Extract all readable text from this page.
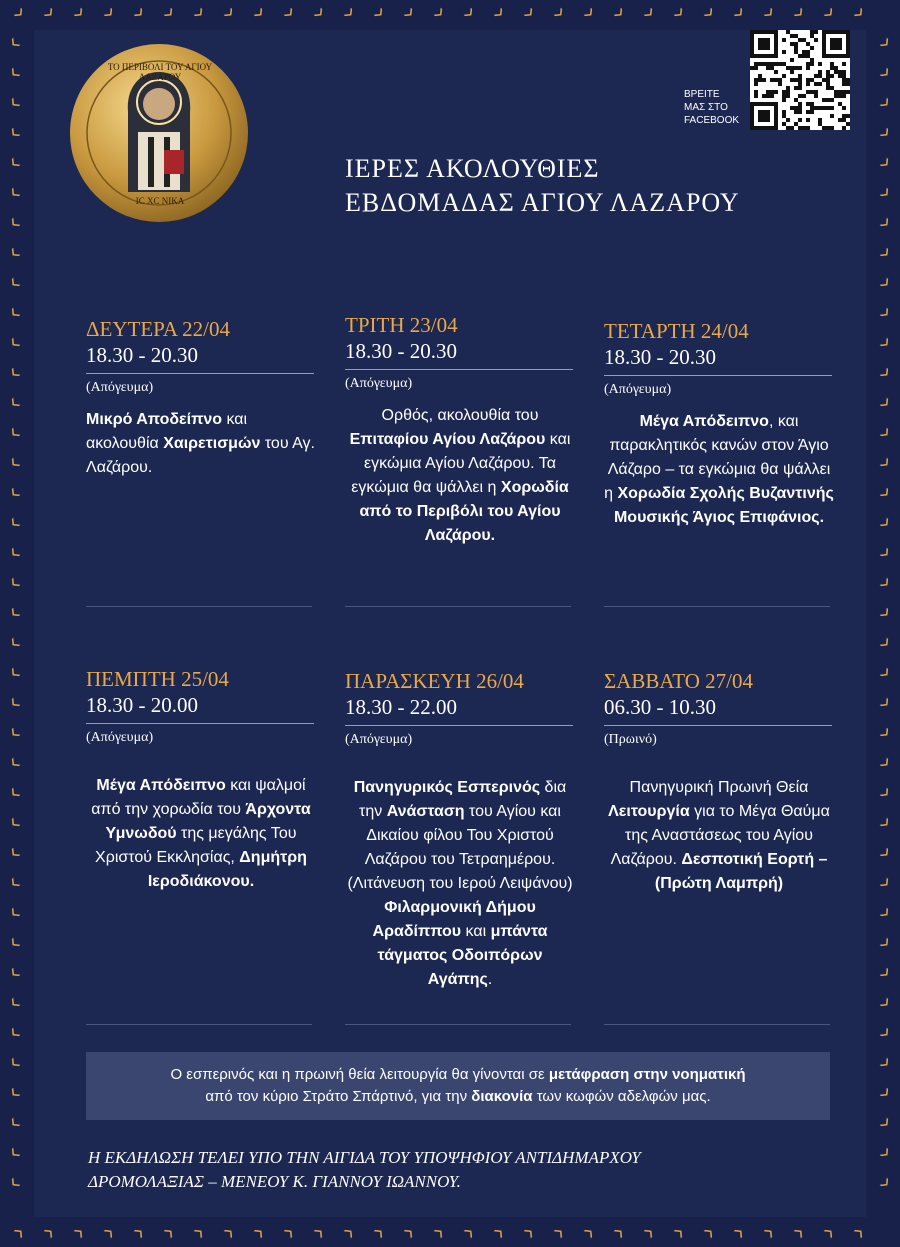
ΤΟ ΠΕΡΙΒΟΛΙ ΤΟΥ ΑΓΙΟΥ ΛΑΖΑΡΟΥ
IC XC NIKA
ΒΡΕΙΤΕ
ΜΑΣ ΣΤΟ
FACEBOOK
ΙΕΡΕΣ ΑΚΟΛΟΥΘΙΕΣ
ΕΒΔΟΜΑΔΑΣ ΑΓΙΟΥ ΛΑΖΑΡΟΥ
ΔΕΥΤΕΡΑ 22/04
18.30 - 20.30
(Απόγευμα)
Μικρό Αποδείπνο και ακολουθία Χαιρετισμών του Αγ. Λαζάρου.
ΤΡΙΤΗ 23/04
18.30 - 20.30
(Απόγευμα)
Ορθός, ακολουθία του Επιταφίου Αγίου Λαζάρου και εγκώμια Αγίου Λαζάρου. Τα εγκώμια θα ψάλλει η Χορωδία από το Περιβόλι του Αγίου Λαζάρου.
ΤΕΤΑΡΤΗ 24/04
18.30 - 20.30
(Απόγευμα)
Μέγα Απόδειπνο, και παρακλητικός κανών στον Άγιο Λάζαρο – τα εγκώμια θα ψάλλει η Χορωδία Σχολής Βυζαντινής Μουσικής Άγιος Επιφάνιος.
ΠΕΜΠΤΗ 25/04
18.30 - 20.00
(Απόγευμα)
Μέγα Απόδειπνο και ψαλμοί από την χορωδία του Άρχοντα Υμνωδού της μεγάλης Του Χριστού Εκκλησίας, Δημήτρη Ιεροδιάκονου.
ΠΑΡΑΣΚΕΥΗ 26/04
18.30 - 22.00
(Απόγευμα)
Πανηγυρικός Εσπερινός δια την Ανάσταση του Αγίου και Δικαίου φίλου Του Χριστού Λαζάρου του Τετραημέρου. (Λιτάνευση του Ιερού Λειψάνου) Φιλαρμονική Δήμου Αραδίππου και μπάντα τάγματος Οδοιπόρων Αγάπης.
ΣΑΒΒΑΤΟ 27/04
06.30 - 10.30
(Πρωινό)
Πανηγυρική Πρωινή Θεία Λειτουργία για το Μέγα Θαύμα της Αναστάσεως του Αγίου Λαζάρου. Δεσποτική Εορτή – (Πρώτη Λαμπρή)
Ο εσπερινός και η πρωινή θεία λειτουργία θα γίνονται σε μετάφραση στην νοηματική
από τον κύριο Στράτο Σπάρτινό, για την διακονία των κωφών αδελφών μας.
Η ΕΚΔΗΛΩΣΗ ΤΕΛΕΙ ΥΠΟ ΤΗΝ ΑΙΓΙΔΑ ΤΟΥ ΥΠΟΨΗΦΙΟΥ ΑΝΤΙΔΗΜΑΡΧΟΥ
ΔΡΟΜΟΛΑΞΙΑΣ – ΜΕΝΕΟΥ Κ. ΓΙΑΝΝΟΥ ΙΩΑΝΝΟΥ.
